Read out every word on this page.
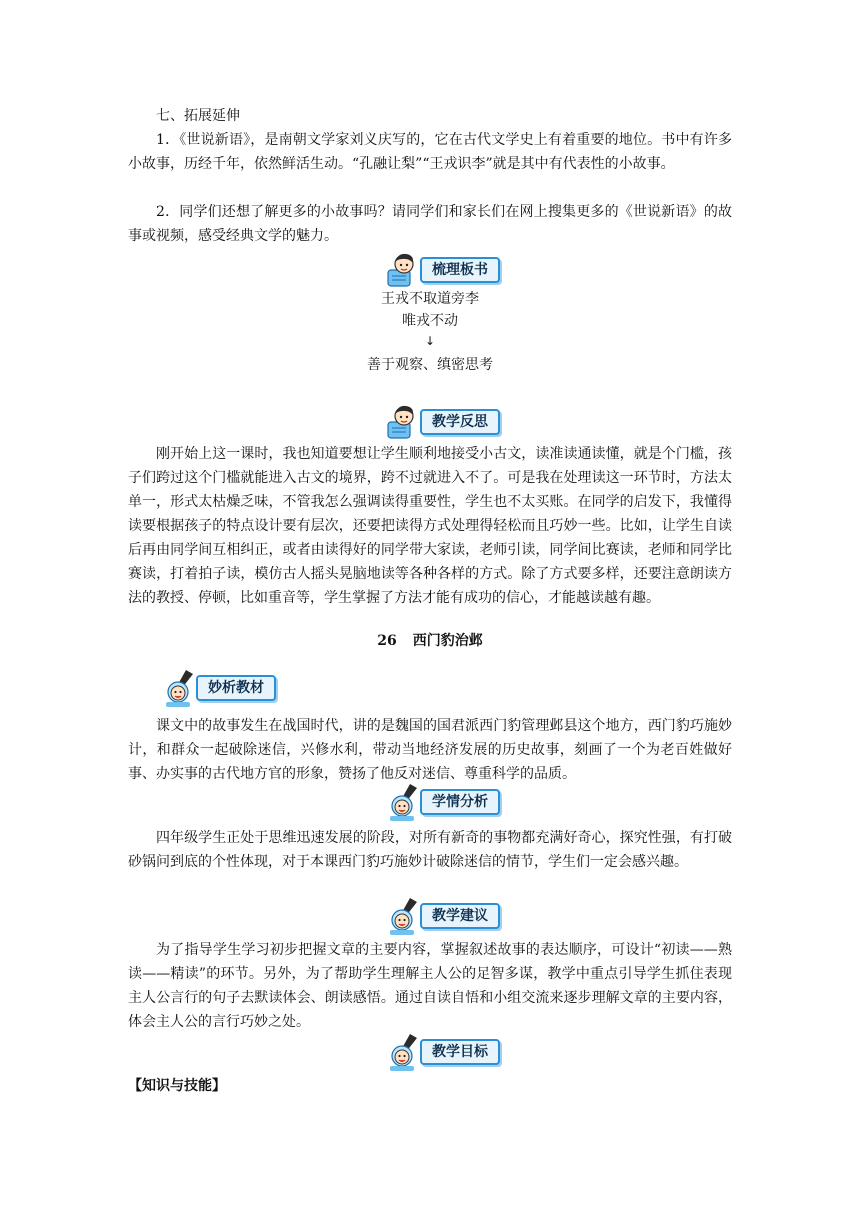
七、拓展延伸

1．《世说新语》，是南朝文学家刘义庆写的，它在古代文学史上有着重要的地位。书中有许多小故事，历经千年，依然鲜活生动。“孔融让梨”“王戎识李”就是其中有代表性的小故事。

2．同学们还想了解更多的小故事吗？请同学们和家长们在网上搜集更多的《世说新语》的故事或视频，感受经典文学的魅力。

梳理板书

王戎不取道旁李

唯戎不动

↓

善于观察、缜密思考

教学反思

刚开始上这一课时，我也知道要想让学生顺利地接受小古文，读准读通读懂，就是个门槛，孩子们跨过这个门槛就能进入古文的境界，跨不过就进入不了。可是我在处理读这一环节时，方法太单一，形式太枯燥乏味，不管我怎么强调读得重要性，学生也不太买账。在同学的启发下，我懂得读要根据孩子的特点设计要有层次，还要把读得方式处理得轻松而且巧妙一些。比如，让学生自读后再由同学间互相纠正，或者由读得好的同学带大家读，老师引读，同学间比赛读，老师和同学比赛读，打着拍子读，模仿古人摇头晃脑地读等各种各样的方式。除了方式要多样，还要注意朗读方法的教授、停顿，比如重音等，学生掌握了方法才能有成功的信心，才能越读越有趣。

26 西门豹治邺
妙析教材

课文中的故事发生在战国时代，讲的是魏国的国君派西门豹管理邺县这个地方，西门豹巧施妙计，和群众一起破除迷信，兴修水利，带动当地经济发展的历史故事，刻画了一个为老百姓做好事、办实事的古代地方官的形象，赞扬了他反对迷信、尊重科学的品质。

学情分析

四年级学生正处于思维迅速发展的阶段，对所有新奇的事物都充满好奇心，探究性强，有打破砂锅问到底的个性体现，对于本课西门豹巧施妙计破除迷信的情节，学生们一定会感兴趣。

教学建议

为了指导学生学习初步把握文章的主要内容，掌握叙述故事的表达顺序，可设计“初读——熟读——精读”的环节。另外，为了帮助学生理解主人公的足智多谋，教学中重点引导学生抓住表现主人公言行的句子去默读体会、朗读感悟。通过自读自悟和小组交流来逐步理解文章的主要内容，体会主人公的言行巧妙之处。

教学目标

【知识与技能】
